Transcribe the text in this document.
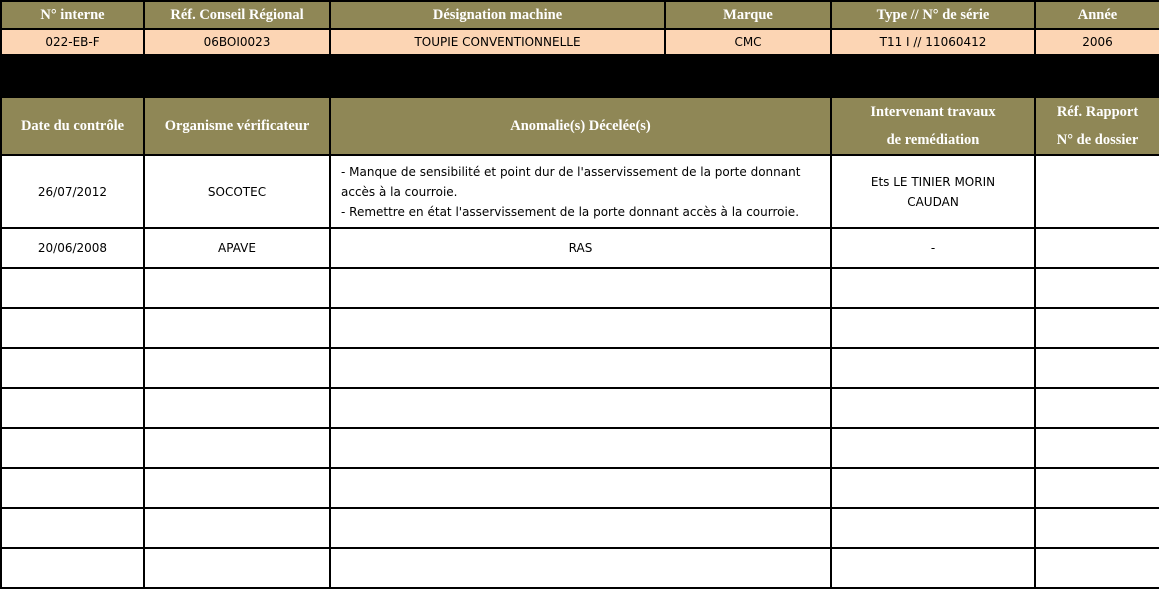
N° interne	Réf. Conseil Régional	Désignation machine	Marque	Type // N° de série	Année
022-EB-F	06BOI0023	TOUPIE CONVENTIONNELLE	CMC	T11 I // 11060412	2006
Date du contrôle	Organisme vérificateur	Anomalie(s) Décelée(s)	Intervenant travaux
de remédiation	Réf. Rapport
N° de dossier

26/07/2012	SOCOTEC	- Manque de sensibilité et point dur de l'asservissement de la porte donnant
accès à la courroie.
- Remettre en état l'asservissement de la porte donnant accès à la courroie.	Ets LE TINIER MORIN
CAUDAN	

20/06/2008	APAVE	RAS	-	
